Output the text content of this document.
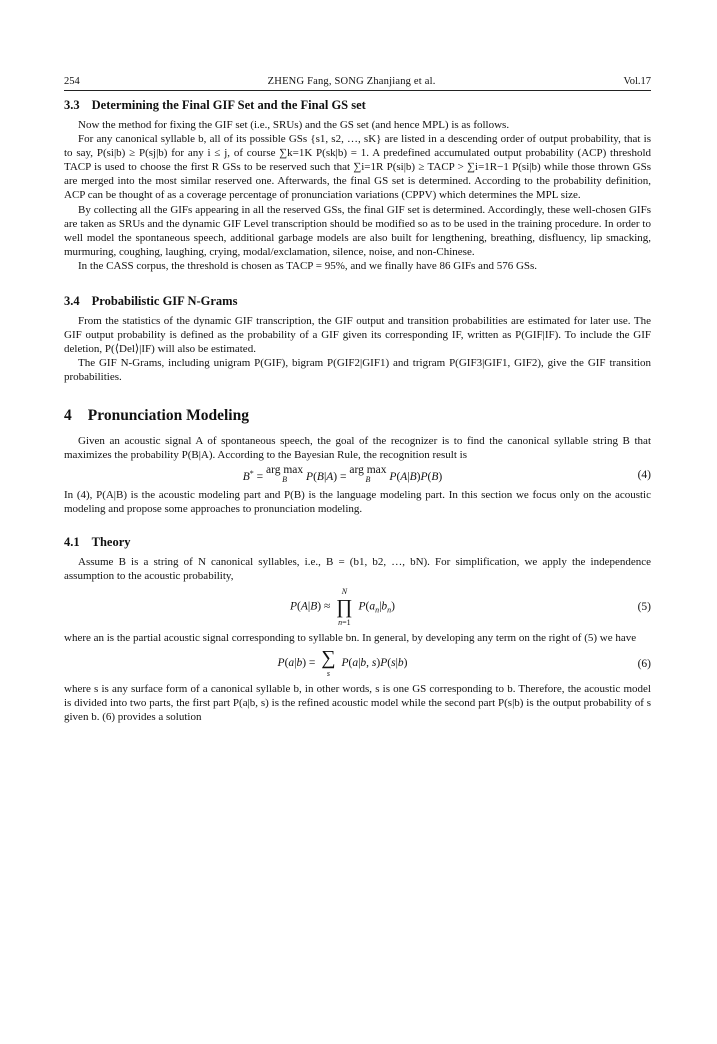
254	ZHENG Fang, SONG Zhanjiang et al.	Vol.17
3.3 Determining the Final GIF Set and the Final GS set

Now the method for fixing the GIF set (i.e., SRUs) and the GS set (and hence MPL) is as follows.

For any canonical syllable b, all of its possible GSs {s1, s2, …, sK} are listed in a descending order of output probability, that is to say, P(si|b) ≥ P(sj|b) for any i ≤ j, of course ∑k=1K P(sk|b) = 1. A predefined accumulated output probability (ACP) threshold TACP is used to choose the first R GSs to be reserved such that ∑i=1R P(si|b) ≥ TACP > ∑i=1R−1 P(si|b) while those thrown GSs are merged into the most similar reserved one. Afterwards, the final GS set is determined. According to the probability definition, ACP can be thought of as a coverage percentage of pronunciation variations (CPPV) which determines the MPL size.

By collecting all the GIFs appearing in all the reserved GSs, the final GIF set is determined. Accordingly, these well-chosen GIFs are taken as SRUs and the dynamic GIF Level transcription should be modified so as to be used in the training procedure. In order to well model the spontaneous speech, additional garbage models are also built for lengthening, breathing, disfluency, lip smacking, murmuring, coughing, laughing, crying, modal/exclamation, silence, noise, and non-Chinese.

In the CASS corpus, the threshold is chosen as TACP = 95%, and we finally have 86 GIFs and 576 GSs.

3.4 Probabilistic GIF N-Grams

From the statistics of the dynamic GIF transcription, the GIF output and transition probabilities are estimated for later use. The GIF output probability is defined as the probability of a GIF given its corresponding IF, written as P(GIF|IF). To include the GIF deletion, P(⟨Del⟩|IF) will also be estimated.

The GIF N-Grams, including unigram P(GIF), bigram P(GIF2|GIF1) and trigram P(GIF3|GIF1, GIF2), give the GIF transition probabilities.

4 Pronunciation Modeling

Given an acoustic signal A of spontaneous speech, the goal of the recognizer is to find the canonical syllable string B that maximizes the probability P(B|A). According to the Bayesian Rule, the recognition result is

B* = arg max
B	P(B|A) = arg max
B	P(A|B)P(B)	(4)

In (4), P(A|B) is the acoustic modeling part and P(B) is the language modeling part. In this section we focus only on the acoustic modeling and propose some approaches to pronunciation modeling.

4.1 Theory

Assume B is a string of N canonical syllables, i.e., B = (b1, b2, …, bN). For simplification, we apply the independence assumption to the acoustic probability,

P(A|B) ≈
N
∏
n=1
$P(a_n|b_n)$	(5)

where an is the partial acoustic signal corresponding to syllable bn. In general, by developing any term on the right of (5) we have

P(a|b) = ∑
s
P(a|b, s)P(s|b)	(6)

where s is any surface form of a canonical syllable b, in other words, s is one GS corresponding to b. Therefore, the acoustic model is divided into two parts, the first part P(a|b, s) is the refined acoustic model while the second part P(s|b) is the output probability of s given b. (6) provides a solution
